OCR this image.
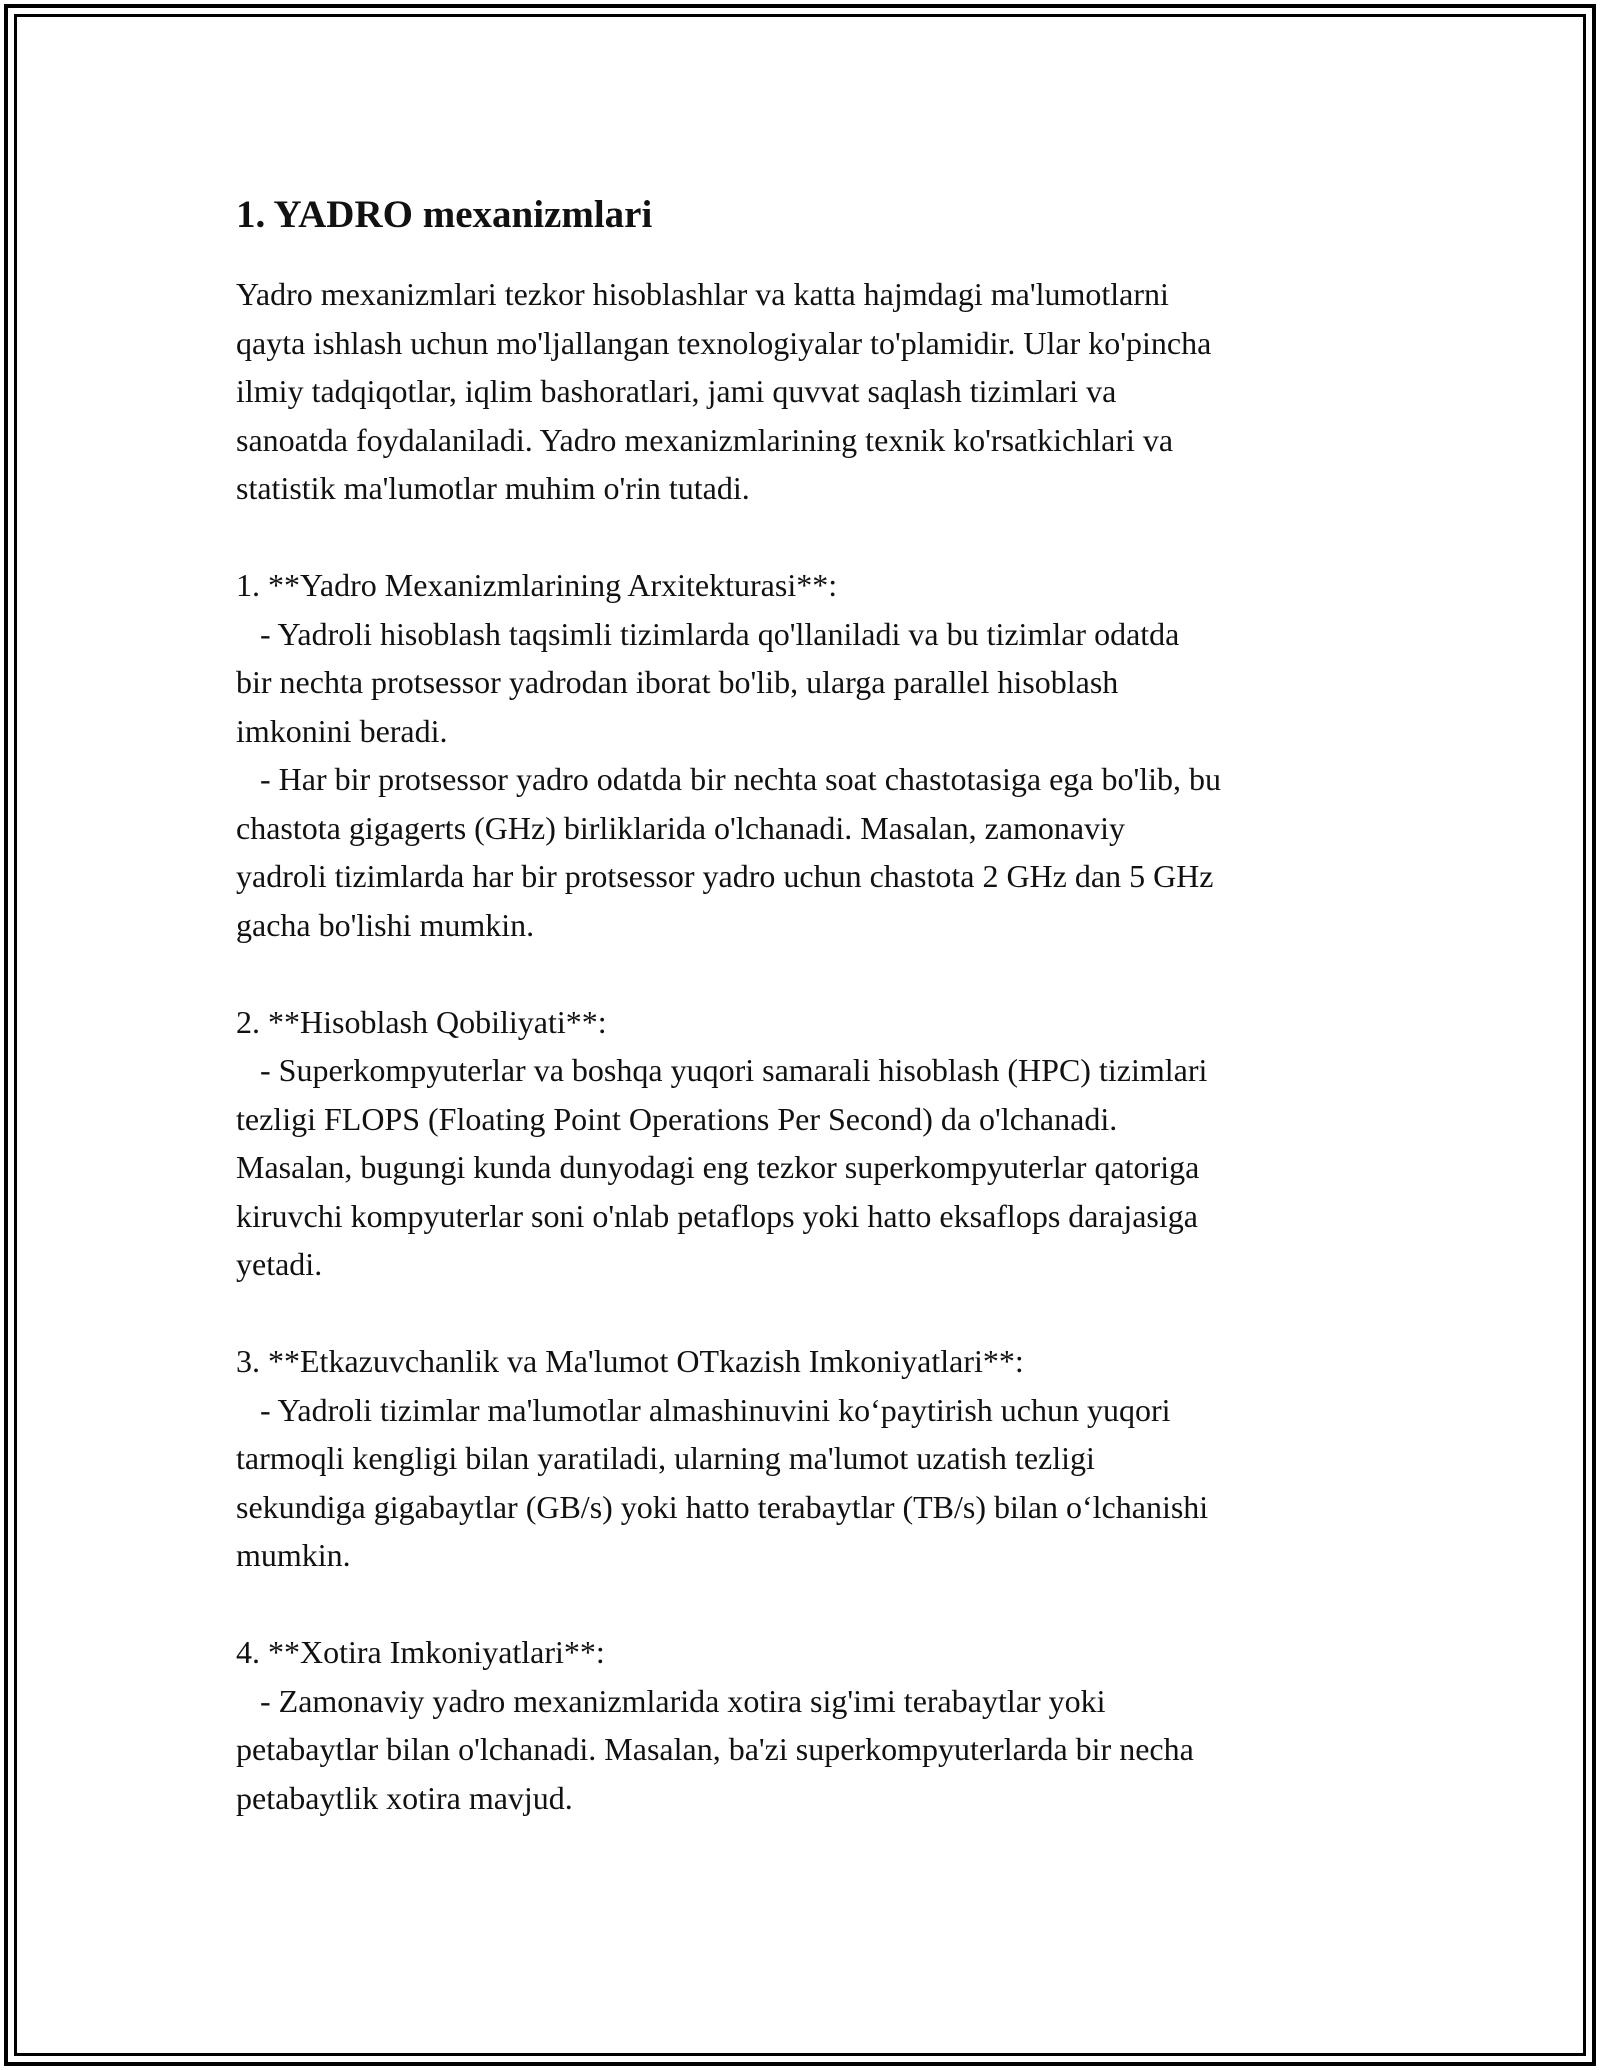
1. YADRO mexanizmlari

Yadro mexanizmlari tezkor hisoblashlar va katta hajmdagi ma'lumotlarni
qayta ishlash uchun mo'ljallangan texnologiyalar to'plamidir. Ular ko'pincha
ilmiy tadqiqotlar, iqlim bashoratlari, jami quvvat saqlash tizimlari va
sanoatda foydalaniladi. Yadro mexanizmlarining texnik ko'rsatkichlari va
statistik ma'lumotlar muhim o'rin tutadi.

1. **Yadro Mexanizmlarining Arxitekturasi**:
- Yadroli hisoblash taqsimli tizimlarda qo'llaniladi va bu tizimlar odatda
bir nechta protsessor yadrodan iborat bo'lib, ularga parallel hisoblash
imkonini beradi.
- Har bir protsessor yadro odatda bir nechta soat chastotasiga ega bo'lib, bu
chastota gigagerts (GHz) birliklarida o'lchanadi. Masalan, zamonaviy
yadroli tizimlarda har bir protsessor yadro uchun chastota 2 GHz dan 5 GHz
gacha bo'lishi mumkin.

2. **Hisoblash Qobiliyati**:
- Superkompyuterlar va boshqa yuqori samarali hisoblash (HPC) tizimlari
tezligi FLOPS (Floating Point Operations Per Second) da o'lchanadi.
Masalan, bugungi kunda dunyodagi eng tezkor superkompyuterlar qatoriga
kiruvchi kompyuterlar soni o'nlab petaflops yoki hatto eksaflops darajasiga
yetadi.

3. **Etkazuvchanlik va Ma'lumot OTkazish Imkoniyatlari**:
- Yadroli tizimlar ma'lumotlar almashinuvini ko‘paytirish uchun yuqori
tarmoqli kengligi bilan yaratiladi, ularning ma'lumot uzatish tezligi
sekundiga gigabaytlar (GB/s) yoki hatto terabaytlar (TB/s) bilan o‘lchanishi
mumkin.

4. **Xotira Imkoniyatlari**:
- Zamonaviy yadro mexanizmlarida xotira sig'imi terabaytlar yoki
petabaytlar bilan o'lchanadi. Masalan, ba'zi superkompyuterlarda bir necha
petabaytlik xotira mavjud.
